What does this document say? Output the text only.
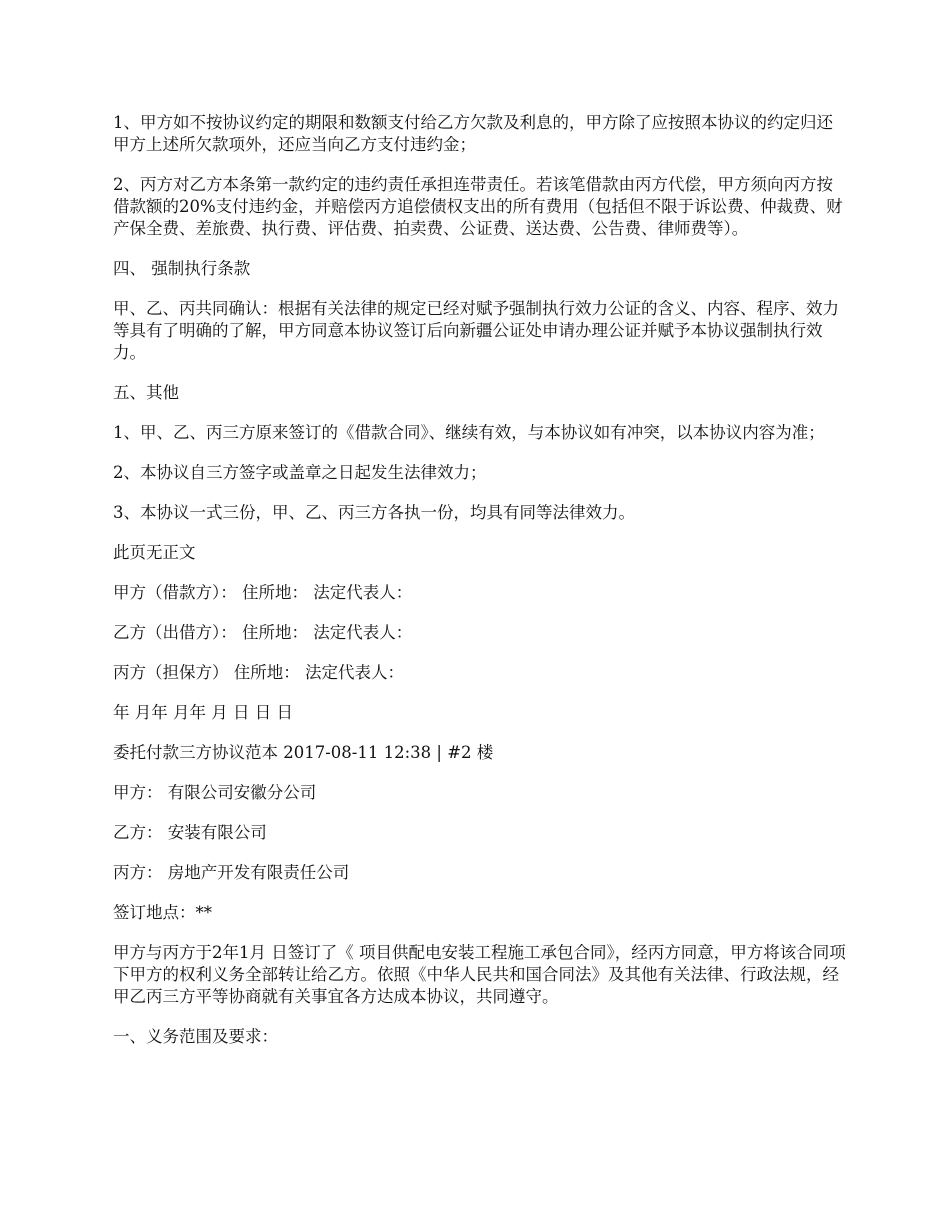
1、甲方如不按协议约定的期限和数额支付给乙方欠款及利息的，甲方除了应按照本协议的约定归还甲方上述所欠款项外，还应当向乙方支付违约金；

2、丙方对乙方本条第一款约定的违约责任承担连带责任。若该笔借款由丙方代偿，甲方须向丙方按借款额的20%支付违约金，并赔偿丙方追偿债权支出的所有费用（包括但不限于诉讼费、仲裁费、财产保全费、差旅费、执行费、评估费、拍卖费、公证费、送达费、公告费、律师费等）。

四、 强制执行条款

甲、乙、丙共同确认：根据有关法律的规定已经对赋予强制执行效力公证的含义、内容、程序、效力等具有了明确的了解，甲方同意本协议签订后向新疆公证处申请办理公证并赋予本协议强制执行效力。

五、其他

1、甲、乙、丙三方原来签订的《借款合同》、继续有效，与本协议如有冲突，以本协议内容为准；

2、本协议自三方签字或盖章之日起发生法律效力；

3、本协议一式三份，甲、乙、丙三方各执一份，均具有同等法律效力。

此页无正文

甲方（借款方）： 住所地： 法定代表人：

乙方（出借方）： 住所地： 法定代表人：

丙方（担保方） 住所地： 法定代表人：

年 月年 月年 月 日 日 日

委托付款三方协议范本 2017-08-11 12:38 | #2 楼

甲方： 有限公司安徽分公司

乙方： 安装有限公司

丙方： 房地产开发有限责任公司

签订地点：**

甲方与丙方于2年1月 日签订了《 项目供配电安装工程施工承包合同》，经丙方同意，甲方将该合同项下甲方的权利义务全部转让给乙方。依照《中华人民共和国合同法》及其他有关法律、行政法规，经甲乙丙三方平等协商就有关事宜各方达成本协议，共同遵守。

一、义务范围及要求：
